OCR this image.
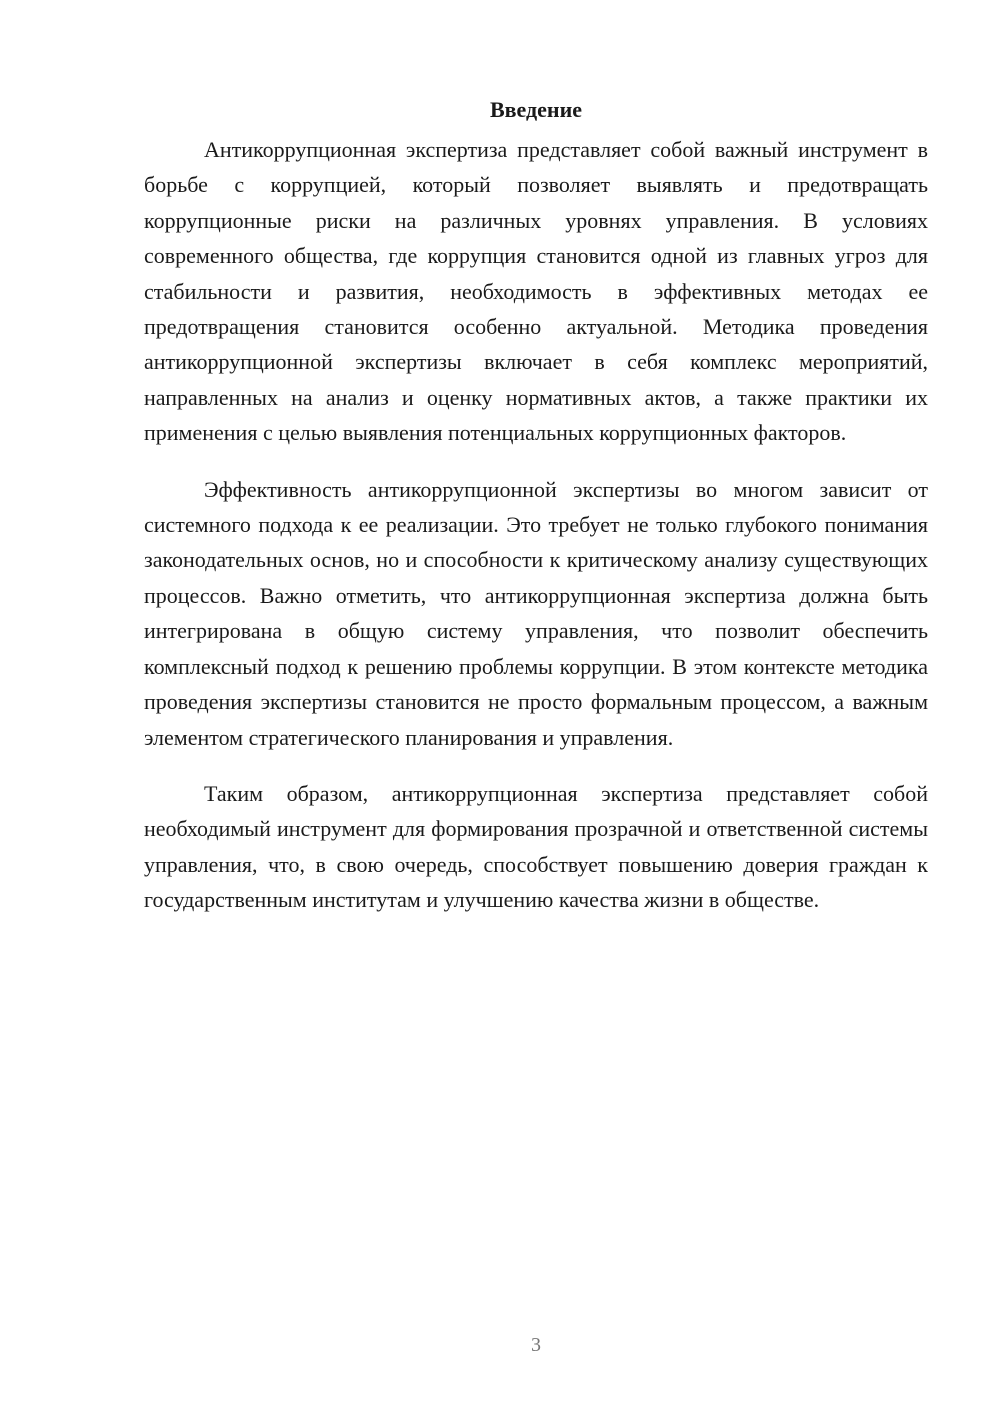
Введение

Антикоррупционная экспертиза представляет собой важный инструмент в борьбе с коррупцией, который позволяет выявлять и предотвращать коррупционные риски на различных уровнях управления. В условиях современного общества, где коррупция становится одной из главных угроз для стабильности и развития, необходимость в эффективных методах ее предотвращения становится особенно актуальной. Методика проведения антикоррупционной экспертизы включает в себя комплекс мероприятий, направленных на анализ и оценку нормативных актов, а также практики их применения с целью выявления потенциальных коррупционных факторов.

Эффективность антикоррупционной экспертизы во многом зависит от системного подхода к ее реализации. Это требует не только глубокого понимания законодательных основ, но и способности к критическому анализу существующих процессов. Важно отметить, что антикоррупционная экспертиза должна быть интегрирована в общую систему управления, что позволит обеспечить комплексный подход к решению проблемы коррупции. В этом контексте методика проведения экспертизы становится не просто формальным процессом, а важным элементом стратегического планирования и управления.

Таким образом, антикоррупционная экспертиза представляет собой необходимый инструмент для формирования прозрачной и ответственной системы управления, что, в свою очередь, способствует повышению доверия граждан к государственным институтам и улучшению качества жизни в обществе.

3
